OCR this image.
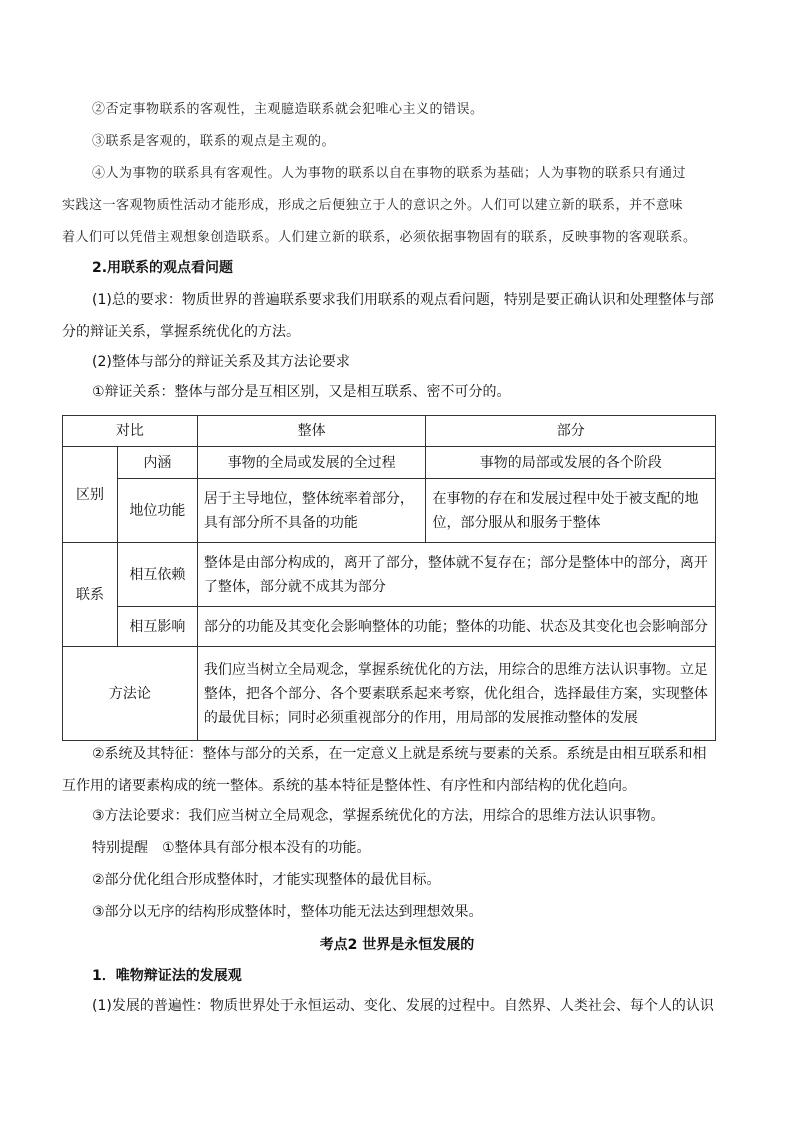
②否定事物联系的客观性，主观臆造联系就会犯唯心主义的错误。
③联系是客观的，联系的观点是主观的。
④人为事物的联系具有客观性。人为事物的联系以自在事物的联系为基础；人为事物的联系只有通过
实践这一客观物质性活动才能形成，形成之后便独立于人的意识之外。人们可以建立新的联系，并不意味
着人们可以凭借主观想象创造联系。人们建立新的联系，必须依据事物固有的联系，反映事物的客观联系。
2.用联系的观点看问题
(1)总的要求：物质世界的普遍联系要求我们用联系的观点看问题，特别是要正确认识和处理整体与部
分的辩证关系，掌握系统优化的方法。
(2)整体与部分的辩证关系及其方法论要求
①辩证关系：整体与部分是互相区别，又是相互联系、密不可分的。
对比		整体	部分
区别	内涵	事物的全局或发展的全过程	事物的局部或发展的各个阶段
	地位功能	居于主导地位，整体统率着部分，具有部分所不具备的功能	在事物的存在和发展过程中处于被支配的地位，部分服从和服务于整体
联系	相互依赖	整体是由部分构成的，离开了部分，整体就不复存在；部分是整体中的部分，离开了整体，部分就不成其为部分	
	相互影响	部分的功能及其变化会影响整体的功能；整体的功能、状态及其变化也会影响部分	
方法论		我们应当树立全局观念，掌握系统优化的方法，用综合的思维方法认识事物。立足整体，把各个部分、各个要素联系起来考察，优化组合，选择最佳方案，实现整体的最优目标；同时必须重视部分的作用，用局部的发展推动整体的发展	
②系统及其特征：整体与部分的关系，在一定意义上就是系统与要素的关系。系统是由相互联系和相
互作用的诸要素构成的统一整体。系统的基本特征是整体性、有序性和内部结构的优化趋向。
③方法论要求：我们应当树立全局观念，掌握系统优化的方法，用综合的思维方法认识事物。
特别提醒　①整体具有部分根本没有的功能。
②部分优化组合形成整体时，才能实现整体的最优目标。
③部分以无序的结构形成整体时，整体功能无法达到理想效果。
考点2 世界是永恒发展的
1．唯物辩证法的发展观
(1)发展的普遍性：物质世界处于永恒运动、变化、发展的过程中。自然界、人类社会、每个人的认识
